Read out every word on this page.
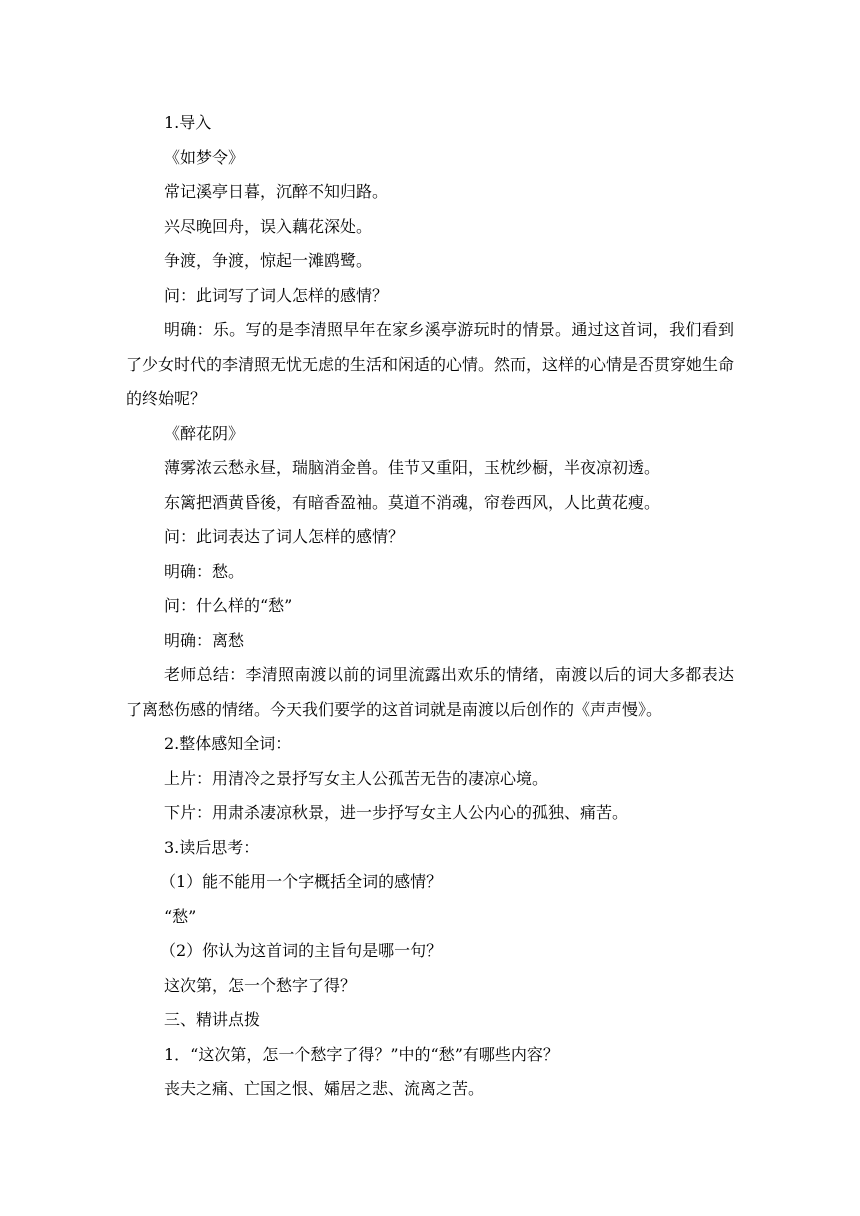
1.导入
《如梦令》
常记溪亭日暮，沉醉不知归路。
兴尽晚回舟，误入藕花深处。
争渡，争渡，惊起一滩鸥鹭。
问：此词写了词人怎样的感情？
明确：乐。写的是李清照早年在家乡溪亭游玩时的情景。通过这首词，我们看到了少女时代的李清照无忧无虑的生活和闲适的心情。然而，这样的心情是否贯穿她生命的终始呢？
《醉花阴》
薄雾浓云愁永昼，瑞脑消金兽。佳节又重阳，玉枕纱橱，半夜凉初透。
东篱把酒黄昏後，有暗香盈袖。莫道不消魂，帘卷西风，人比黄花瘦。
问：此词表达了词人怎样的感情？
明确：愁。
问：什么样的“愁”
明确：离愁
老师总结：李清照南渡以前的词里流露出欢乐的情绪，南渡以后的词大多都表达了离愁伤感的情绪。今天我们要学的这首词就是南渡以后创作的《声声慢》。
2.整体感知全词：
上片：用清冷之景抒写女主人公孤苦无告的凄凉心境。
下片：用肃杀凄凉秋景，进一步抒写女主人公内心的孤独、痛苦。
3.读后思考：
（1）能不能用一个字概括全词的感情？
“愁”
（2）你认为这首词的主旨句是哪一句？
这次第，怎一个愁字了得？
三、精讲点拨
1．“这次第，怎一个愁字了得？”中的“愁”有哪些内容？
丧夫之痛、亡国之恨、孀居之悲、流离之苦。
